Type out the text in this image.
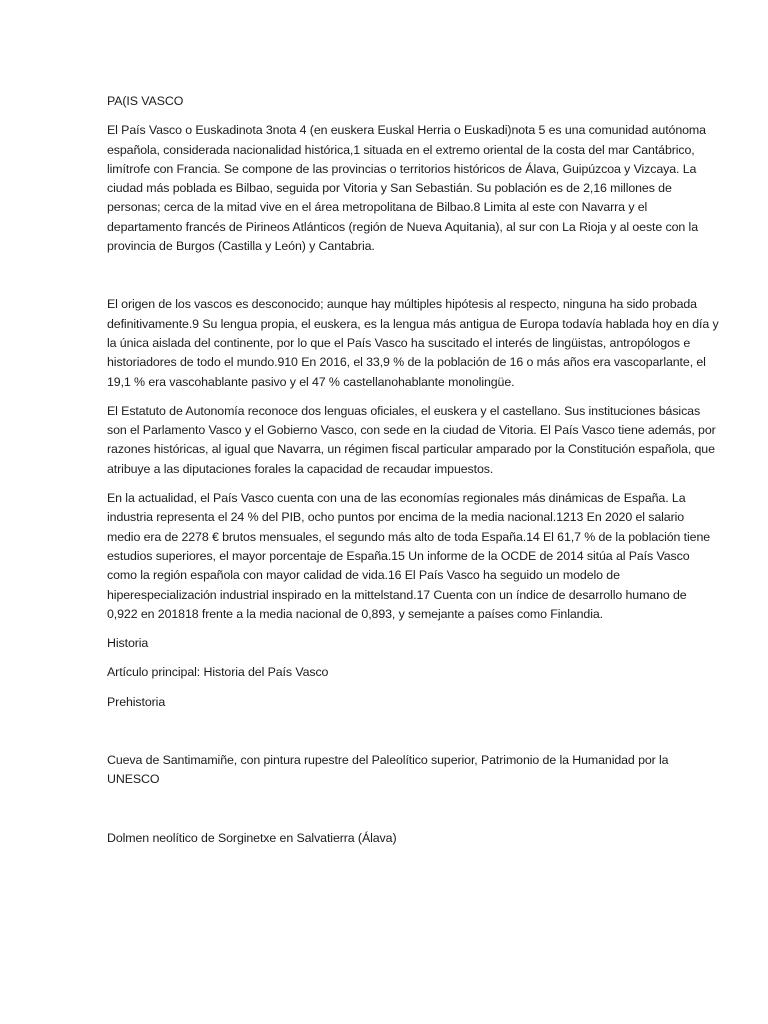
PA(IS VASCO

El País Vasco o Euskadinota 3nota 4 (en euskera Euskal Herria o Euskadi)nota 5 es una comunidad autónoma española, considerada nacionalidad histórica,1 situada en el extremo oriental de la costa del mar Cantábrico, limítrofe con Francia. Se compone de las provincias o territorios históricos de Álava, Guipúzcoa y Vizcaya. La ciudad más poblada es Bilbao, seguida por Vitoria y San Sebastián. Su población es de 2,16 millones de personas; cerca de la mitad vive en el área metropolitana de Bilbao.8 Limita al este con Navarra y el departamento francés de Pirineos Atlánticos (región de Nueva Aquitania), al sur con La Rioja y al oeste con la provincia de Burgos (Castilla y León) y Cantabria.

El origen de los vascos es desconocido; aunque hay múltiples hipótesis al respecto, ninguna ha sido probada definitivamente.9 Su lengua propia, el euskera, es la lengua más antigua de Europa todavía hablada hoy en día y la única aislada del continente, por lo que el País Vasco ha suscitado el interés de lingüistas, antropólogos e historiadores de todo el mundo.910 En 2016, el 33,9 % de la población de 16 o más años era vascoparlante, el 19,1 % era vascohablante pasivo y el 47 % castellanohablante monolingüe.

El Estatuto de Autonomía reconoce dos lenguas oficiales, el euskera y el castellano. Sus instituciones básicas son el Parlamento Vasco y el Gobierno Vasco, con sede en la ciudad de Vitoria. El País Vasco tiene además, por razones históricas, al igual que Navarra, un régimen fiscal particular amparado por la Constitución española, que atribuye a las diputaciones forales la capacidad de recaudar impuestos.

En la actualidad, el País Vasco cuenta con una de las economías regionales más dinámicas de España. La industria representa el 24 % del PIB, ocho puntos por encima de la media nacional.1213 En 2020 el salario medio era de 2278 € brutos mensuales, el segundo más alto de toda España.14 El 61,7 % de la población tiene estudios superiores, el mayor porcentaje de España.15 Un informe de la OCDE de 2014 sitúa al País Vasco como la región española con mayor calidad de vida.16 El País Vasco ha seguido un modelo de hiperespecialización industrial inspirado en la mittelstand.17 Cuenta con un índice de desarrollo humano de 0,922 en 201818 frente a la media nacional de 0,893, y semejante a países como Finlandia.

Historia

Artículo principal: Historia del País Vasco

Prehistoria

Cueva de Santimamiñe, con pintura rupestre del Paleolítico superior, Patrimonio de la Humanidad por la UNESCO

Dolmen neolítico de Sorginetxe en Salvatierra (Álava)
